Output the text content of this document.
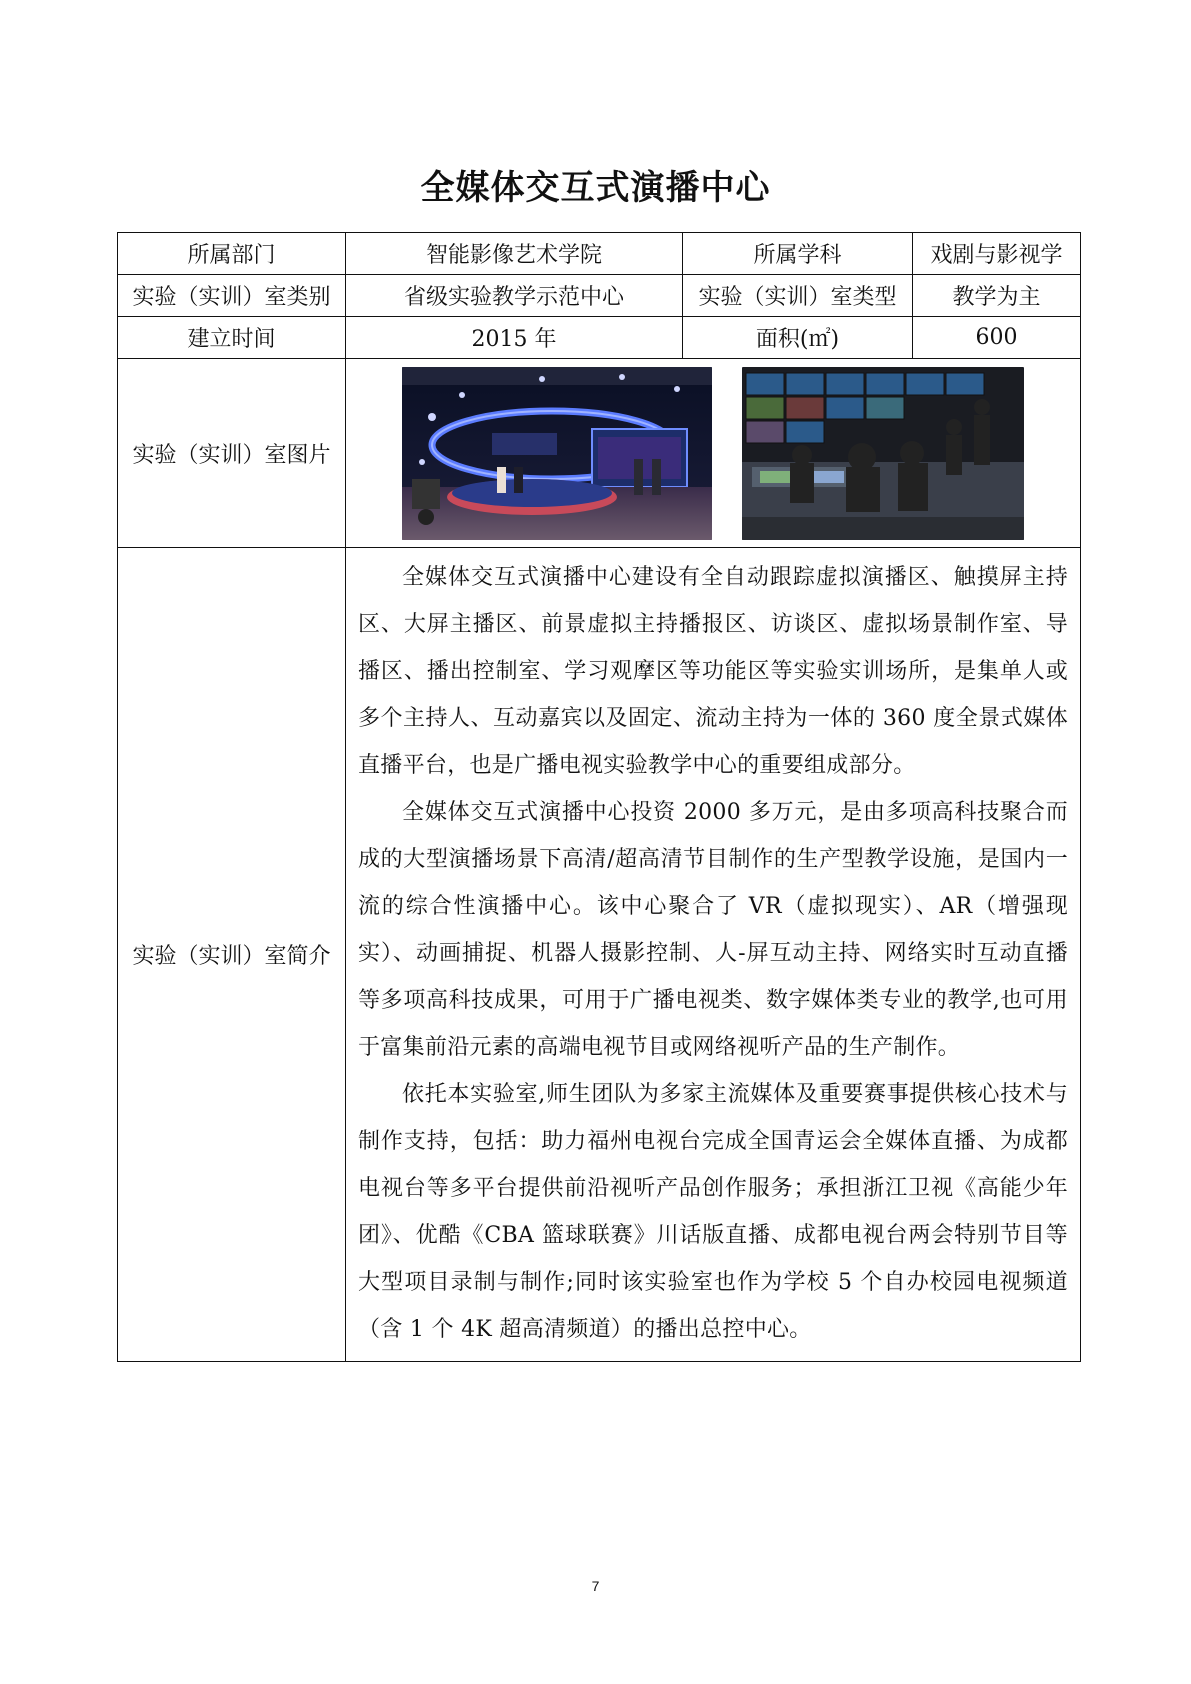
全媒体交互式演播中心
所属部门	智能影像艺术学院	所属学科	戏剧与影视学
实验（实训）室类别	省级实验教学示范中心	实验（实训）室类型	教学为主
建立时间	2015 年	面积(㎡)	600
实验（实训）室图片	

实验（实训）室简介	全媒体交互式演播中心建设有全自动跟踪虚拟演播区、触摸屏主持区、大屏主播区、前景虚拟主持播报区、访谈区、虚拟场景制作室、导播区、播出控制室、学习观摩区等功能区等实验实训场所，是集单人或多个主持人、互动嘉宾以及固定、流动主持为一体的 360 度全景式媒体直播平台，也是广播电视实验教学中心的重要组成部分。

全媒体交互式演播中心投资 2000 多万元，是由多项高科技聚合而成的大型演播场景下高清/超高清节目制作的生产型教学设施，是国内一流的综合性演播中心。该中心聚合了 VR（虚拟现实）、AR（增强现实）、动画捕捉、机器人摄影控制、人-屏互动主持、网络实时互动直播等多项高科技成果，可用于广播电视类、数字媒体类专业的教学,也可用于富集前沿元素的高端电视节目或网络视听产品的生产制作。

依托本实验室,师生团队为多家主流媒体及重要赛事提供核心技术与制作支持，包括：助力福州电视台完成全国青运会全媒体直播、为成都电视台等多平台提供前沿视听产品创作服务；承担浙江卫视《高能少年团》、优酷《CBA 篮球联赛》川话版直播、成都电视台两会特别节目等大型项目录制与制作;同时该实验室也作为学校 5 个自办校园电视频道（含 1 个 4K 超高清频道）的播出总控中心。		

7
